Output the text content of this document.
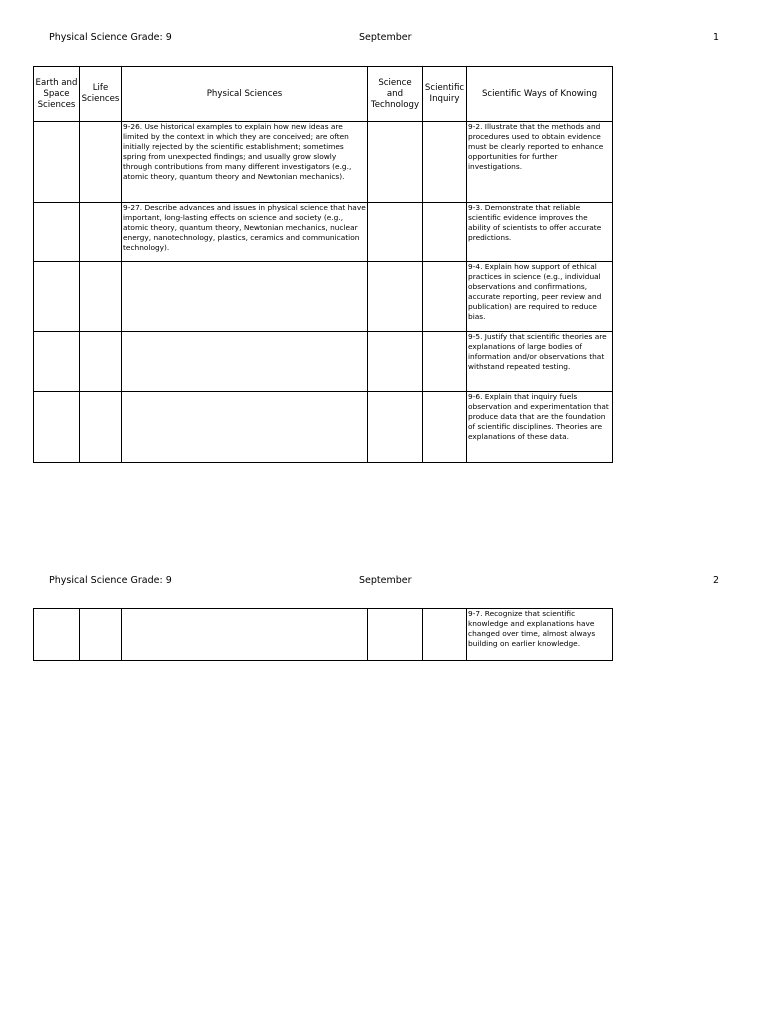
Physical Science Grade: 9	September	1
Earth and Space Sciences	Life Sciences	Physical Sciences	Science and Technology	Scientific Inquiry	Scientific Ways of Knowing
		9-26. Use historical examples to explain how new ideas are limited by the context in which they are conceived; are often initially rejected by the scientific establishment; sometimes spring from unexpected findings; and usually grow slowly through contributions from many different investigators (e.g., atomic theory, quantum theory and Newtonian mechanics).			9-2. Illustrate that the methods and procedures used to obtain evidence must be clearly reported to enhance opportunities for further investigations.
		9-27. Describe advances and issues in physical science that have important, long-lasting effects on science and society (e.g., atomic theory, quantum theory, Newtonian mechanics, nuclear energy, nanotechnology, plastics, ceramics and communication technology).			9-3. Demonstrate that reliable scientific evidence improves the ability of scientists to offer accurate predictions.
					9-4. Explain how support of ethical practices in science (e.g., individual observations and confirmations, accurate reporting, peer review and publication) are required to reduce bias.
					9-5. Justify that scientific theories are explanations of large bodies of information and/or observations that withstand repeated testing.
					9-6. Explain that inquiry fuels observation and experimentation that produce data that are the foundation of scientific disciplines. Theories are explanations of these data.
Physical Science Grade: 9	September	2
					9-7. Recognize that scientific knowledge and explanations have changed over time, almost always building on earlier knowledge.
